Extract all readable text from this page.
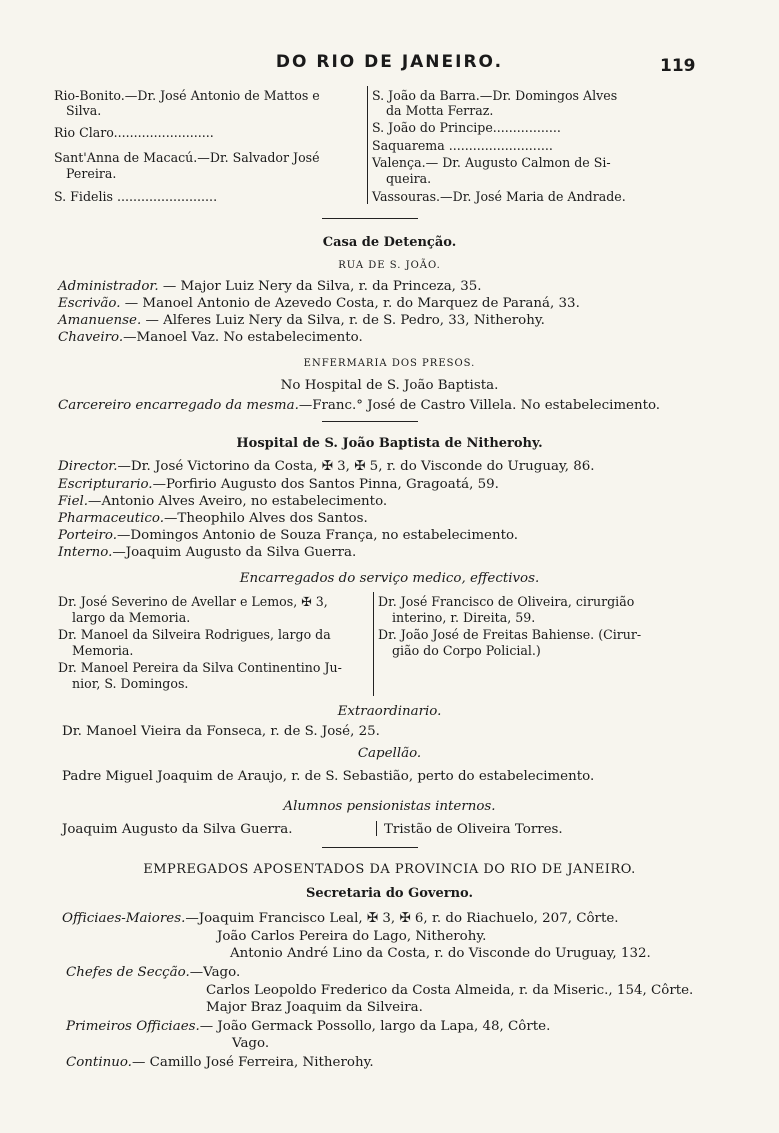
DO RIO DE JANEIRO.	119
Rio-Bonito.—Dr. José Antonio de Mattos e
Silva.
Rio Claro.........................
Sant'Anna de Macacú.—Dr. Salvador José
Pereira.
S. Fidelis .........................
S. João da Barra.—Dr. Domingos Alves
da Motta Ferraz.
S. João do Principe.................
Saquarema ..........................
Valença.— Dr. Augusto Calmon de Si-
queira.
Vassouras.—Dr. José Maria de Andrade.
Casa de Detenção.
RUA DE S. JOÃO.
Administrador. — Major Luiz Nery da Silva, r. da Princeza, 35.
Escrivão. — Manoel Antonio de Azevedo Costa, r. do Marquez de Paraná, 33.
Amanuense. — Alferes Luiz Nery da Silva, r. de S. Pedro, 33, Nitherohy.
Chaveiro.—Manoel Vaz. No estabelecimento.
ENFERMARIA DOS PRESOS.
No Hospital de S. João Baptista.
Carcereiro encarregado da mesma.—Franc.° José de Castro Villela. No estabelecimento.
Hospital de S. João Baptista de Nitherohy.
Director.—Dr. José Victorino da Costa, ✠ 3, ✠ 5, r. do Visconde do Uruguay, 86.
Escripturario.—Porfirio Augusto dos Santos Pinna, Gragoatá, 59.
Fiel.—Antonio Alves Aveiro, no estabelecimento.
Pharmaceutico.—Theophilo Alves dos Santos.
Porteiro.—Domingos Antonio de Souza França, no estabelecimento.
Interno.—Joaquim Augusto da Silva Guerra.
Encarregados do serviço medico, effectivos.
Dr. José Severino de Avellar e Lemos, ✠ 3,
largo da Memoria.
Dr. Manoel da Silveira Rodrigues, largo da
Memoria.
Dr. Manoel Pereira da Silva Continentino Ju-
nior, S. Domingos.
Dr. José Francisco de Oliveira, cirurgião
interino, r. Direita, 59.
Dr. João José de Freitas Bahiense. (Cirur-
gião do Corpo Policial.)
Extraordinario.
Dr. Manoel Vieira da Fonseca, r. de S. José, 25.
Capellão.
Padre Miguel Joaquim de Araujo, r. de S. Sebastião, perto do estabelecimento.
Alumnos pensionistas internos.
Joaquim Augusto da Silva Guerra.	Tristão de Oliveira Torres.
EMPREGADOS APOSENTADOS DA PROVINCIA DO RIO DE JANEIRO.
Secretaria do Governo.
Officiaes-Maiores.—Joaquim Francisco Leal, ✠ 3, ✠ 6, r. do Riachuelo, 207, Côrte.
João Carlos Pereira do Lago, Nitherohy.
Antonio André Lino da Costa, r. do Visconde do Uruguay, 132.
Chefes de Secção.—Vago.
Carlos Leopoldo Frederico da Costa Almeida, r. da Miseric., 154, Côrte.
Major Braz Joaquim da Silveira.
Primeiros Officiaes.— João Germack Possollo, largo da Lapa, 48, Côrte.
Vago.
Continuo.— Camillo José Ferreira, Nitherohy.
